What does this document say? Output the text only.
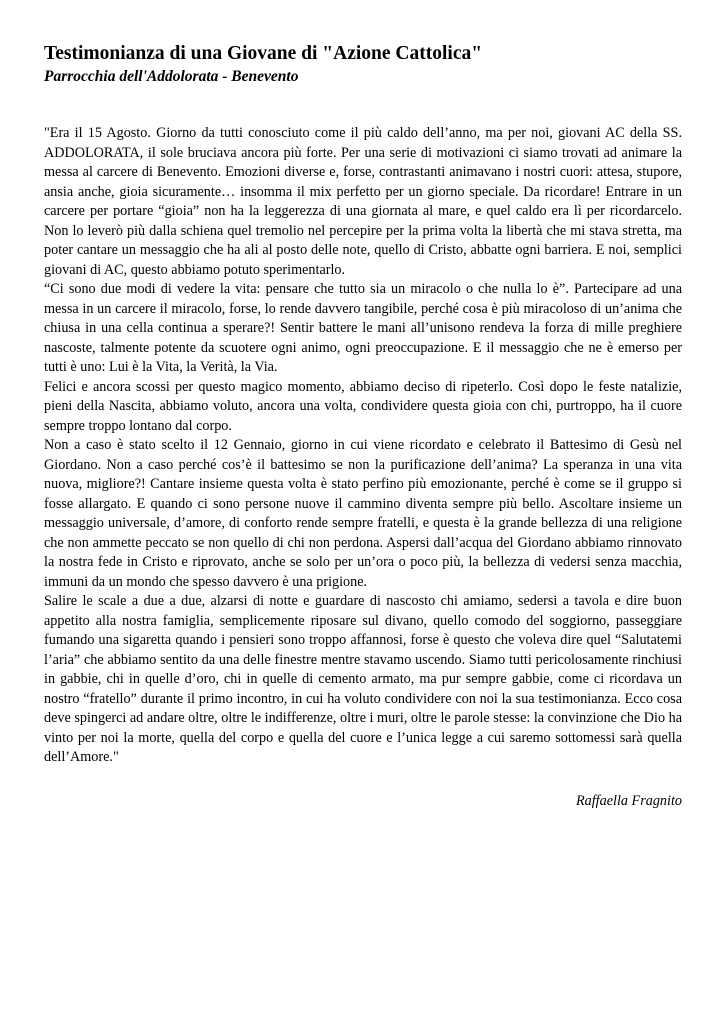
Testimonianza di una Giovane di "Azione Cattolica"
Parrocchia dell'Addolorata - Benevento

"Era il 15 Agosto. Giorno da tutti conosciuto come il più caldo dell’anno, ma per noi, giovani AC della SS. ADDOLORATA, il sole bruciava ancora più forte. Per una serie di motivazioni ci siamo trovati ad animare la messa al carcere di Benevento. Emozioni diverse e, forse, contrastanti animavano i nostri cuori: attesa, stupore, ansia anche, gioia sicuramente… insomma il mix perfetto per un giorno speciale. Da ricordare! Entrare in un carcere per portare “gioia” non ha la leggerezza di una giornata al mare, e quel caldo era lì per ricordarcelo. Non lo leverò più dalla schiena quel tremolio nel percepire per la prima volta la libertà che mi stava stretta, ma poter cantare un messaggio che ha ali al posto delle note, quello di Cristo, abbatte ogni barriera. E noi, semplici giovani di AC, questo abbiamo potuto sperimentarlo.

“Ci sono due modi di vedere la vita: pensare che tutto sia un miracolo o che nulla lo è”. Partecipare ad una messa in un carcere il miracolo, forse, lo rende davvero tangibile, perché cosa è più miracoloso di un’anima che chiusa in una cella continua a sperare?! Sentir battere le mani all’unisono rendeva la forza di mille preghiere nascoste, talmente potente da scuotere ogni animo, ogni preoccupazione. E il messaggio che ne è emerso per tutti è uno: Lui è la Vita, la Verità, la Via.

Felici e ancora scossi per questo magico momento, abbiamo deciso di ripeterlo. Così dopo le feste natalizie, pieni della Nascita, abbiamo voluto, ancora una volta, condividere questa gioia con chi, purtroppo, ha il cuore sempre troppo lontano dal corpo.

Non a caso è stato scelto il 12 Gennaio, giorno in cui viene ricordato e celebrato il Battesimo di Gesù nel Giordano. Non a caso perché cos’è il battesimo se non la purificazione dell’anima? La speranza in una vita nuova, migliore?! Cantare insieme questa volta è stato perfino più emozionante, perché è come se il gruppo si fosse allargato. E quando ci sono persone nuove il cammino diventa sempre più bello. Ascoltare insieme un messaggio universale, d’amore, di conforto rende sempre fratelli, e questa è la grande bellezza di una religione che non ammette peccato se non quello di chi non perdona. Aspersi dall’acqua del Giordano abbiamo rinnovato la nostra fede in Cristo e riprovato, anche se solo per un’ora o poco più, la bellezza di vedersi senza macchia, immuni da un mondo che spesso davvero è una prigione.

Salire le scale a due a due, alzarsi di notte e guardare di nascosto chi amiamo, sedersi a tavola e dire buon appetito alla nostra famiglia, semplicemente riposare sul divano, quello comodo del soggiorno, passeggiare fumando una sigaretta quando i pensieri sono troppo affannosi, forse è questo che voleva dire quel “Salutatemi l’aria” che abbiamo sentito da una delle finestre mentre stavamo uscendo. Siamo tutti pericolosamente rinchiusi in gabbie, chi in quelle d’oro, chi in quelle di cemento armato, ma pur sempre gabbie, come ci ricordava un nostro “fratello” durante il primo incontro, in cui ha voluto condividere con noi la sua testimonianza. Ecco cosa deve spingerci ad andare oltre, oltre le indifferenze, oltre i muri, oltre le parole stesse: la convinzione che Dio ha vinto per noi la morte, quella del corpo e quella del cuore e l’unica legge a cui saremo sottomessi sarà quella dell’Amore."

Raffaella Fragnito
